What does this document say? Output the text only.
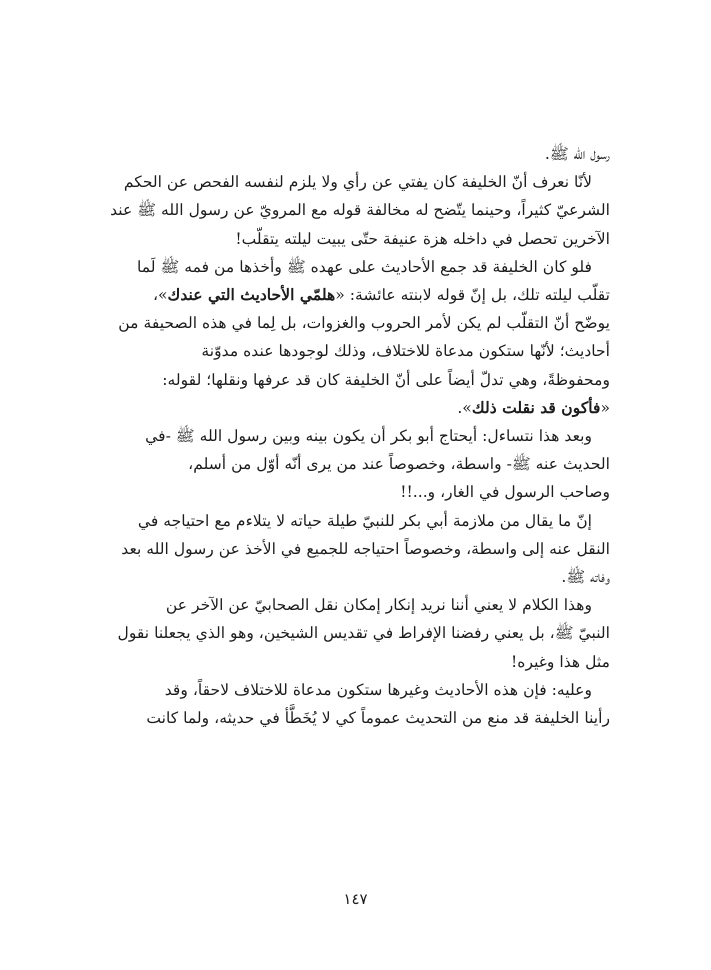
رسول الله ﷺ.

لأنّا نعرف أنّ الخليفة كان يفتي عن رأي ولا يلزم لنفسه الفحص عن الحكم
الشرعيّ كثيراً، وحينما يتّضح له مخالفة قوله مع المرويّ عن رسول الله ﷺ عند
الآخرين تحصل في داخله هزة عنيفة حتّى يبيت ليلته يتقلّب!

فلو كان الخليفة قد جمع الأحاديث على عهده ﷺ وأخذها من فمه ﷺ لَما
تقلّب ليلته تلك، بل إنّ قوله لابنته عائشة: «هلمّي الأحاديث التي عندك»،
يوضّح أنّ التقلّب لم يكن لأمر الحروب والغزوات، بل لِما في هذه الصحيفة من
أحاديث؛ لأنّها ستكون مدعاة للاختلاف، وذلك لوجودها عنده مدوّنة
ومحفوظةً، وهي تدلّ أيضاً على أنّ الخليفة كان قد عرفها ونقلها؛ لقوله:
«فأكون قد نقلت ذلك».

وبعد هذا نتساءل: أيحتاج أبو بكر أن يكون بينه وبين رسول الله ﷺ -في
الحديث عنه ﷺ- واسطة، وخصوصاً عند من يرى أنّه أوّل من أسلم،
وصاحب الرسول في الغار، و...!!

إنّ ما يقال من ملازمة أبي بكر للنبيّ طيلة حياته لا يتلاءم مع احتياجه في
النقل عنه إلى واسطة، وخصوصاً احتياجه للجميع في الأخذ عن رسول الله بعد
وفاته ﷺ.

وهذا الكلام لا يعني أننا نريد إنكار إمكان نقل الصحابيّ عن الآخر عن
النبيّ ﷺ، بل يعني رفضنا الإفراط في تقديس الشيخين، وهو الذي يجعلنا نقول
مثل هذا وغيره!

وعليه: فإن هذه الأحاديث وغيرها ستكون مدعاة للاختلاف لاحقاً، وقد
رأينا الخليفة قد منع من التحديث عموماً كي لا يُخَطَّأ في حديثه، ولما كانت

١٤٧
